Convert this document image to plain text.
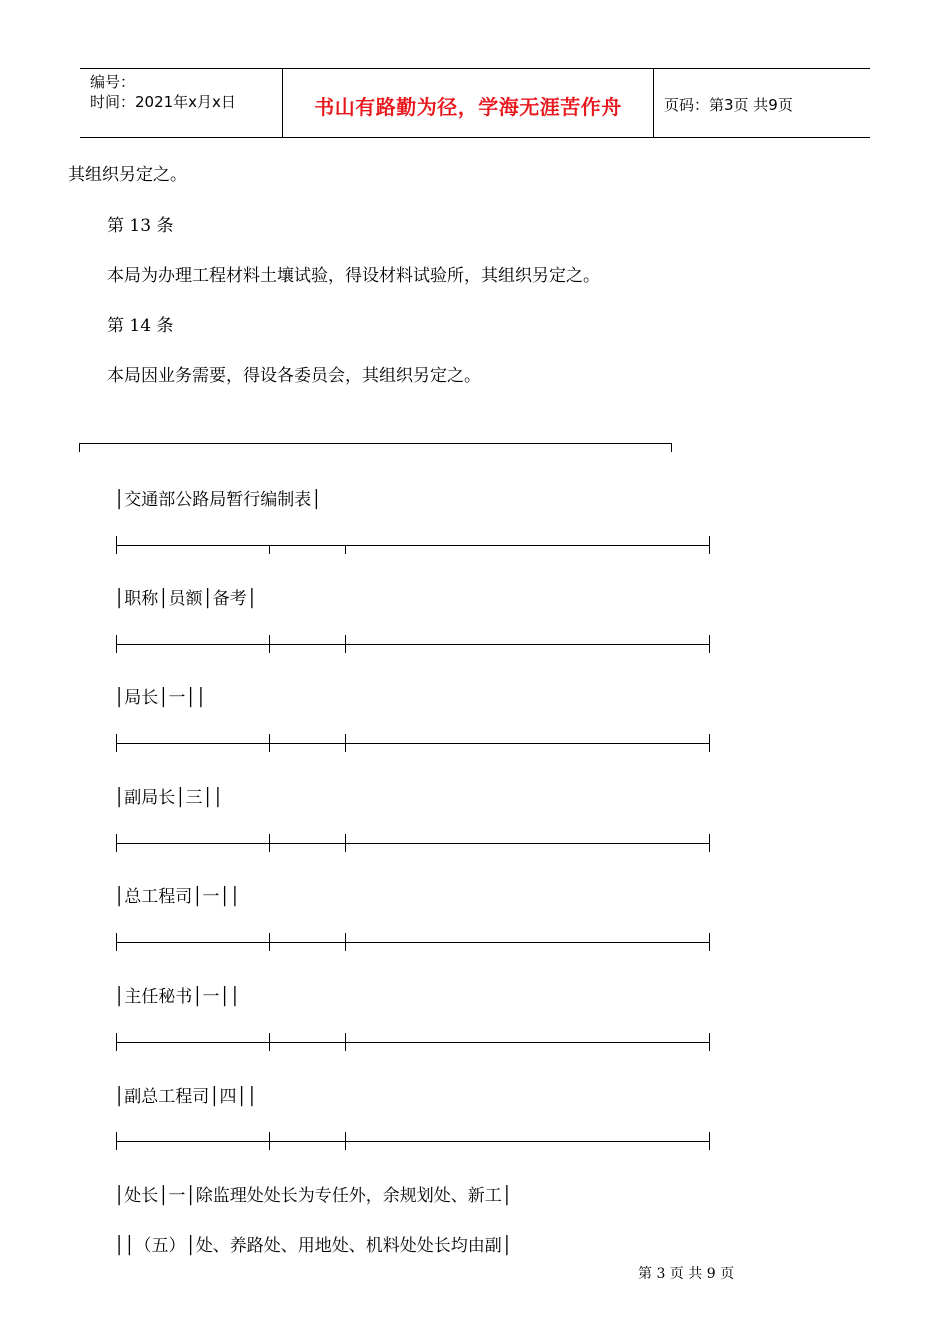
编号：
时间：2021年x月x日	书山有路勤为径，学海无涯苦作舟	页码：第3页 共9页
其组织另定之。
第 13 条
本局为办理工程材料土壤试验，得设材料试验所，其组织另定之。
第 14 条
本局因业务需要，得设各委员会，其组织另定之。
│交通部公路局暂行编制表│
│职称│员额│备考│
│局长│一││
│副局长│三││
│总工程司│一││
│主任秘书│一││
│副总工程司│四││
│处长│一│除监理处处长为专任外，余规划处、新工│
││（五）│处、养路处、用地处、机料处处长均由副│
第 3 页 共 9 页
